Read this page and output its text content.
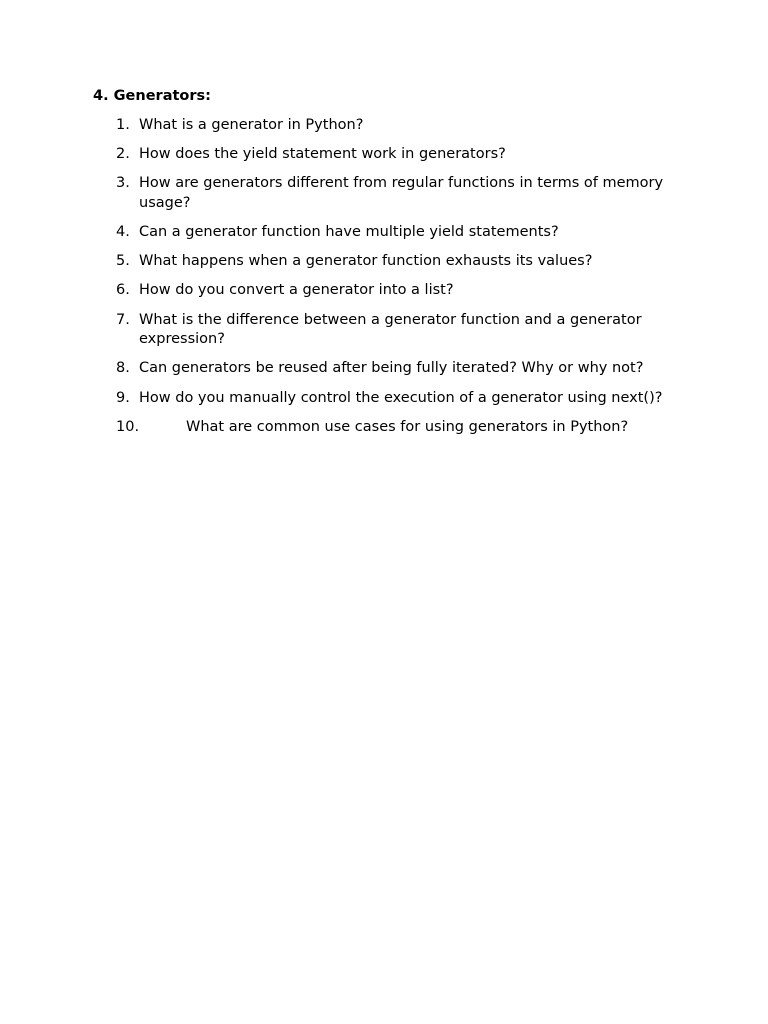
4. Generators:
1. What is a generator in Python?
2. How does the yield statement work in generators?
3. How are generators different from regular functions in terms of memory usage?
4. Can a generator function have multiple yield statements?
5. What happens when a generator function exhausts its values?
6. How do you convert a generator into a list?
7. What is the difference between a generator function and a generator expression?
8. Can generators be reused after being fully iterated? Why or why not?
9. How do you manually control the execution of a generator using next()?
10.	What are common use cases for using generators in Python?
